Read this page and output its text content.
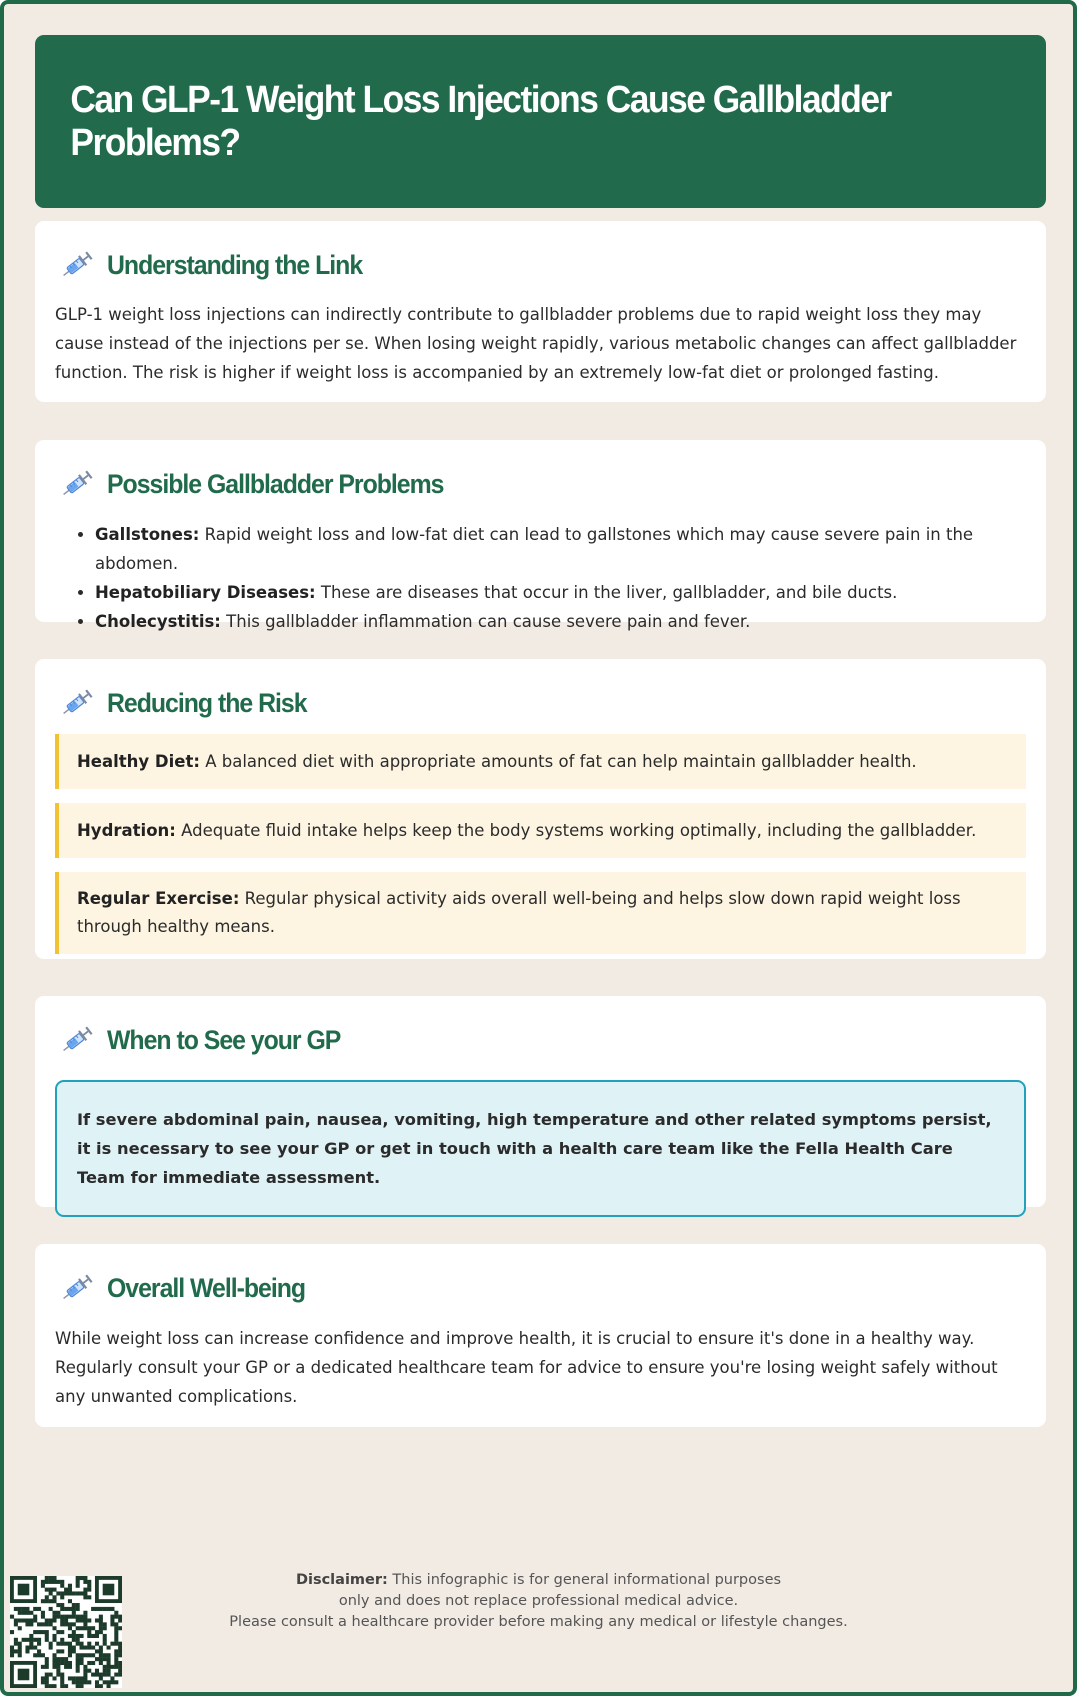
Can GLP-1 Weight Loss Injections Cause Gallbladder Problems?
Understanding the Link

GLP-1 weight loss injections can indirectly contribute to gallbladder problems due to rapid weight loss they may cause instead of the injections per se. When losing weight rapidly, various metabolic changes can affect gallbladder function. The risk is higher if weight loss is accompanied by an extremely low-fat diet or prolonged fasting.

Possible Gallbladder Problems
• Gallstones: Rapid weight loss and low-fat diet can lead to gallstones which may cause severe pain in the abdomen.
• Hepatobiliary Diseases: These are diseases that occur in the liver, gallbladder, and bile ducts.
• Cholecystitis: This gallbladder inflammation can cause severe pain and fever.
Reducing the Risk
Healthy Diet: A balanced diet with appropriate amounts of fat can help maintain gallbladder health.
Hydration: Adequate fluid intake helps keep the body systems working optimally, including the gallbladder.
Regular Exercise: Regular physical activity aids overall well-being and helps slow down rapid weight loss through healthy means.
When to See your GP
If severe abdominal pain, nausea, vomiting, high temperature and other related symptoms persist, it is necessary to see your GP or get in touch with a health care team like the Fella Health Care Team for immediate assessment.
Overall Well-being

While weight loss can increase confidence and improve health, it is crucial to ensure it's done in a healthy way. Regularly consult your GP or a dedicated healthcare team for advice to ensure you're losing weight safely without any unwanted complications.

Disclaimer: This infographic is for general informational purposes
only and does not replace professional medical advice.
Please consult a healthcare provider before making any medical or lifestyle changes.
